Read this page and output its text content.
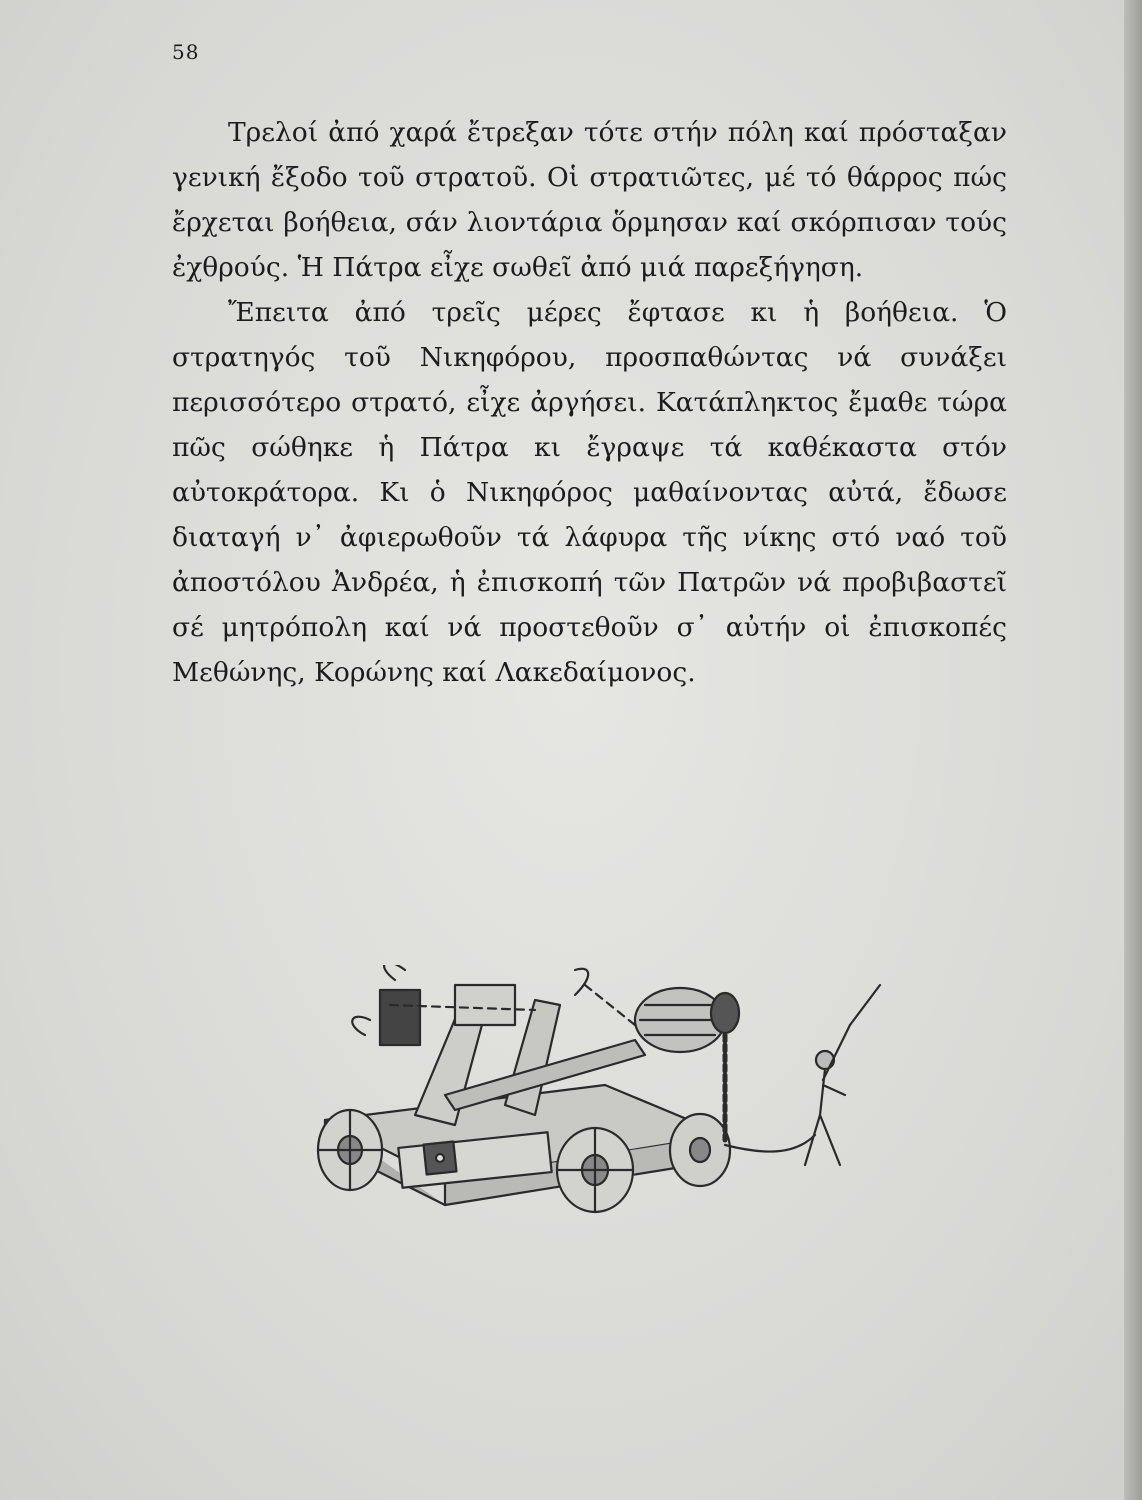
58

Τρελοί ἀπό χαρά ἔτρεξαν τότε στήν πόλη καί πρόσταξαν γενική ἔξοδο τοῦ στρατοῦ. Οἱ στρατιῶτες, μέ τό θάρρος πώς ἔρχεται βοήθεια, σάν λιοντάρια ὅρμησαν καί σκόρπισαν τούς ἐχθρούς. Ἡ Πάτρα εἶχε σωθεῖ ἀπό μιά παρεξήγηση.

Ἔπειτα ἀπό τρεῖς μέρες ἔφτασε κι ἡ βοήθεια. Ὁ στρατηγός τοῦ Νικηφόρου, προσπαθώντας νά συνάξει περισσότερο στρατό, εἶχε ἀργήσει. Κατάπληκτος ἔμαθε τώρα πῶς σώθηκε ἡ Πάτρα κι ἔγραψε τά καθέκαστα στόν αὐτοκράτορα. Κι ὁ Νικηφόρος μαθαίνοντας αὐτά, ἔδωσε διαταγή ν᾿ ἀφιερωθοῦν τά λάφυρα τῆς νίκης στό ναό τοῦ ἀποστόλου Ἀνδρέα, ἡ ἐπισκοπή τῶν Πατρῶν νά προβιβαστεῖ σέ μητρόπολη καί νά προστεθοῦν σ᾿ αὐτήν οἱ ἐπισκοπές Μεθώνης, Κορώνης καί Λακεδαίμονος.
